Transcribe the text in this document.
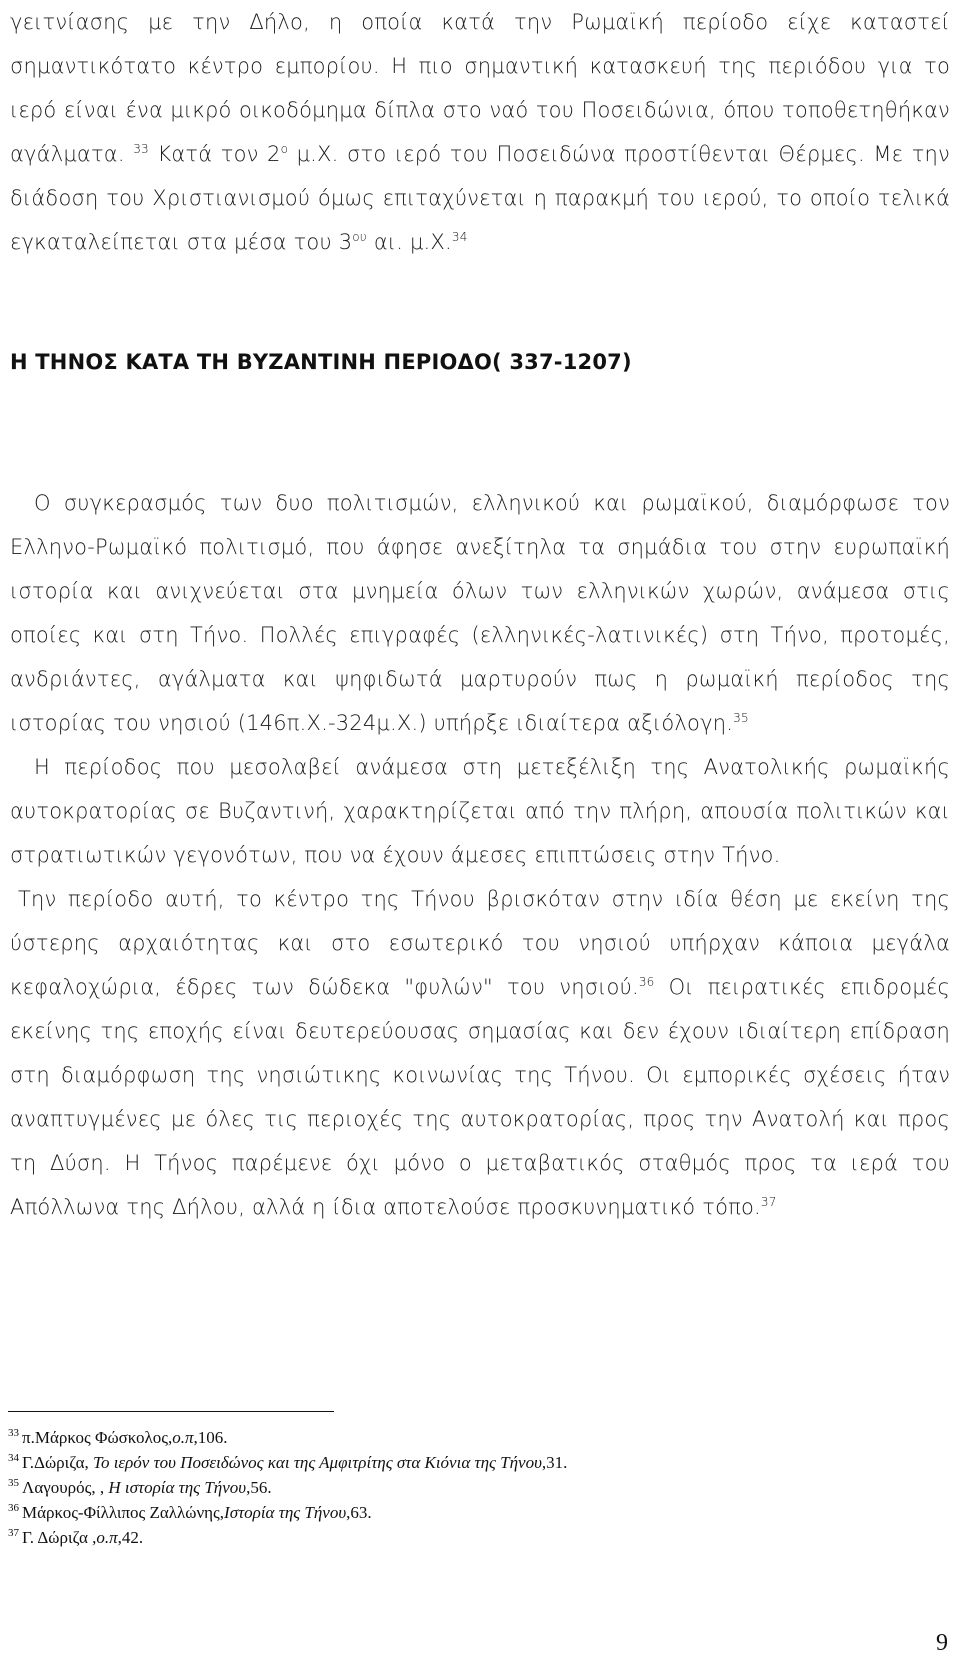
γειτνίασης με την Δήλο, η οποία κατά την Ρωμαϊκή περίοδο είχε καταστεί σημαντικότατο κέντρο εμπορίου. Η πιο σημαντική κατασκευή της περιόδου για το ιερό είναι ένα μικρό οικοδόμημα δίπλα στο ναό του Ποσειδώνια, όπου τοποθετηθήκαν αγάλματα. $^{33}$ Κατά τον $2^o$ μ.Χ. στο ιερό του Ποσειδώνα προστίθενται Θέρμες. Με την διάδοση του Χριστιανισμού όμως επιταχύνεται η παρακμή του ιερού, το οποίο τελικά εγκαταλείπεται στα μέσα του $3^{o\upsilon}$ αι. μ.Χ.$^{34}$

Η ΤΗΝΟΣ ΚΑΤΑ ΤΗ ΒΥΖΑΝΤΙΝΗ ΠΕΡΙΟΔΟ( 337-1207)

Ο συγκερασμός των δυο πολιτισμών, ελληνικού και ρωμαϊκού, διαμόρφωσε τον Ελληνο-Ρωμαϊκό πολιτισμό, που άφησε ανεξίτηλα τα σημάδια του στην ευρωπαϊκή ιστορία και ανιχνεύεται στα μνημεία όλων των ελληνικών χωρών, ανάμεσα στις οποίες και στη Τήνο. Πολλές επιγραφές (ελληνικές-λατινικές) στη Τήνο, προτομές, ανδριάντες, αγάλματα και ψηφιδωτά μαρτυρούν πως η ρωμαϊκή περίοδος της ιστορίας του νησιού (146π.Χ.-324μ.Χ.) υπήρξε ιδιαίτερα αξιόλογη.$^{35}$

Η περίοδος που μεσολαβεί ανάμεσα στη μετεξέλιξη της Ανατολικής ρωμαϊκής αυτοκρατορίας σε Βυζαντινή, χαρακτηρίζεται από την πλήρη, απουσία πολιτικών και στρατιωτικών γεγονότων, που να έχουν άμεσες επιπτώσεις στην Τήνο.

Την περίοδο αυτή, το κέντρο της Τήνου βρισκόταν στην ιδία θέση με εκείνη της ύστερης αρχαιότητας και στο εσωτερικό του νησιού υπήρχαν κάποια μεγάλα κεφαλοχώρια, έδρες των δώδεκα "φυλών" του νησιού.$^{36}$ Οι πειρατικές επιδρομές εκείνης της εποχής είναι δευτερεύουσας σημασίας και δεν έχουν ιδιαίτερη επίδραση στη διαμόρφωση της νησιώτικης κοινωνίας της Τήνου. Οι εμπορικές σχέσεις ήταν αναπτυγμένες με όλες τις περιοχές της αυτοκρατορίας, προς την Ανατολή και προς τη Δύση. Η Τήνος παρέμενε όχι μόνο ο μεταβατικός σταθμός προς τα ιερά του Απόλλωνα της Δήλου, αλλά η ίδια αποτελούσε προσκυνηματικό τόπο.$^{37}$

$^{33}$ π.Μάρκος Φώσκολος,ο.π,106.

$^{34}$ Γ.Δώριζα, Το ιερόν του Ποσειδώνος και της Αμφιτρίτης στα Κιόνια της Τήνου,31.

$^{35}$ Λαγουρός, , Η ιστορία της Τήνου,56.

$^{36}$ Μάρκος-Φίλλιπος Ζαλλώνης,Ιστορία της Τήνου,63.

$^{37}$ Γ. Δώριζα ,ο.π,42.

9
